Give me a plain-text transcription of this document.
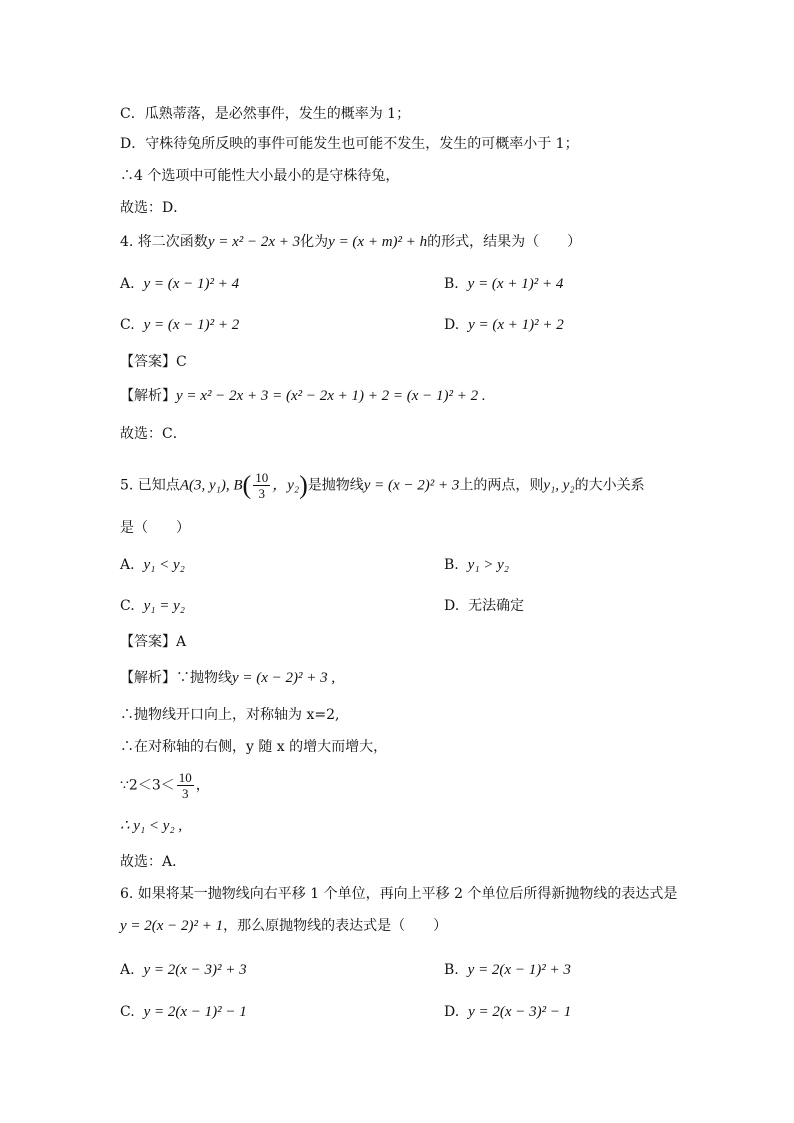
C．瓜熟蒂落，是必然事件，发生的概率为 1；
D．守株待兔所反映的事件可能发生也可能不发生，发生的可概率小于 1；
∴4 个选项中可能性大小最小的是守株待兔，
故选：D．
4. 将二次函数y = x² − 2x + 3化为y = (x + m)² + h的形式，结果为（　　）
A. y = (x − 1)² + 4	B. y = (x + 1)² + 4
C. y = (x − 1)² + 2	D. y = (x + 1)² + 2
【答案】C
【解析】y = x² − 2x + 3 = (x² − 2x + 1) + 2 = (x − 1)² + 2 .
故选：C．
5. 已知点A(3, y₁), $B( \frac{10}{3}$ ，y₂)是抛物线y = (x − 2)² + 3上的两点，则y₁, y₂的大小关系
是（　　）
A. y₁ < y₂	B. y₁ > y₂
C. y₁ = y₂	D. 无法确定
【答案】A
【解析】∵抛物线y = (x − 2)² + 3 ,
∴抛物线开口向上，对称轴为 x=2,
∴在对称轴的右侧，y 随 x 的增大而增大，
∵2＜3＜ $\frac{10}{3}$ ，
∴ y₁ < y₂ ,
故选：A．
6. 如果将某一抛物线向右平移 1 个单位，再向上平移 2 个单位后所得新抛物线的表达式是
y = 2(x − 2)² + 1，那么原抛物线的表达式是（　　）
A. y = 2(x − 3)² + 3	B. y = 2(x − 1)² + 3
C. y = 2(x − 1)² − 1	D. y = 2(x − 3)² − 1
